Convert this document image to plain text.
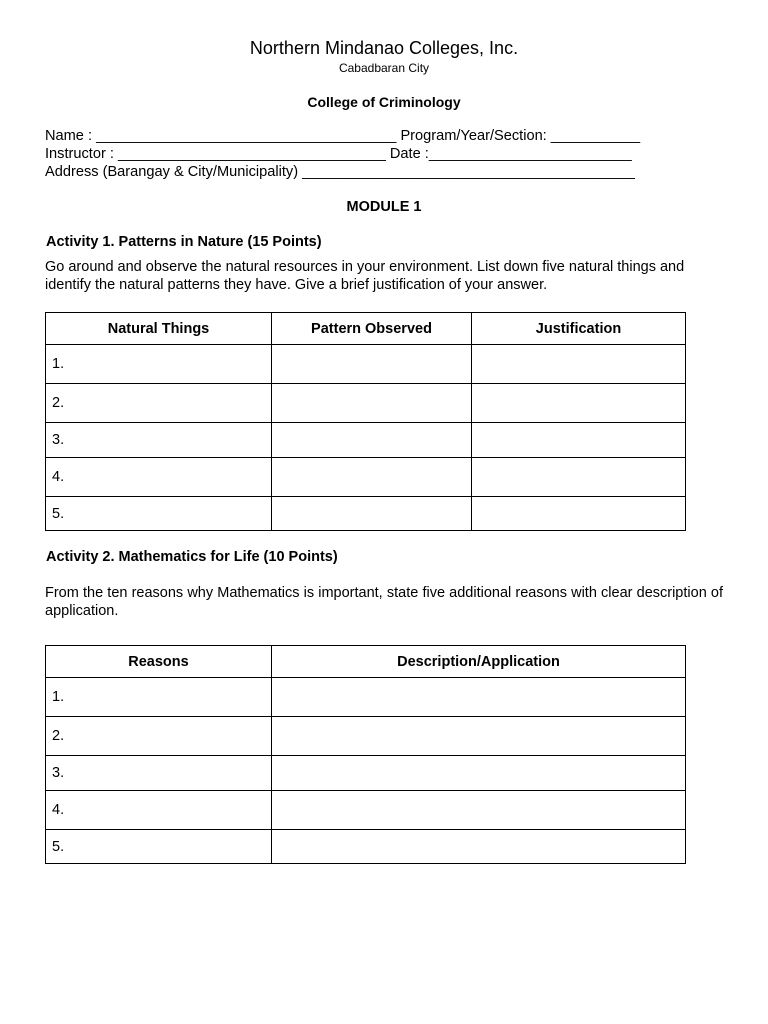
Northern Mindanao Colleges, Inc.
Cabadbaran City
College of Criminology
Name : _____________________________________ Program/Year/Section: ___________
Instructor : _________________________________ Date :_________________________
Address (Barangay & City/Municipality) _________________________________________
MODULE 1
Activity 1. Patterns in Nature (15 Points)
Go around and observe the natural resources in your environment. List down five natural things and identify the natural patterns they have. Give a brief justification of your answer.
Natural Things	Pattern Observed	Justification
1.		
2.		
3.		
4.		
5.		
Activity 2. Mathematics for Life (10 Points)
From the ten reasons why Mathematics is important, state five additional reasons with clear description of application.
Reasons	Description/Application
1.	
2.	
3.	
4.	
5.	
